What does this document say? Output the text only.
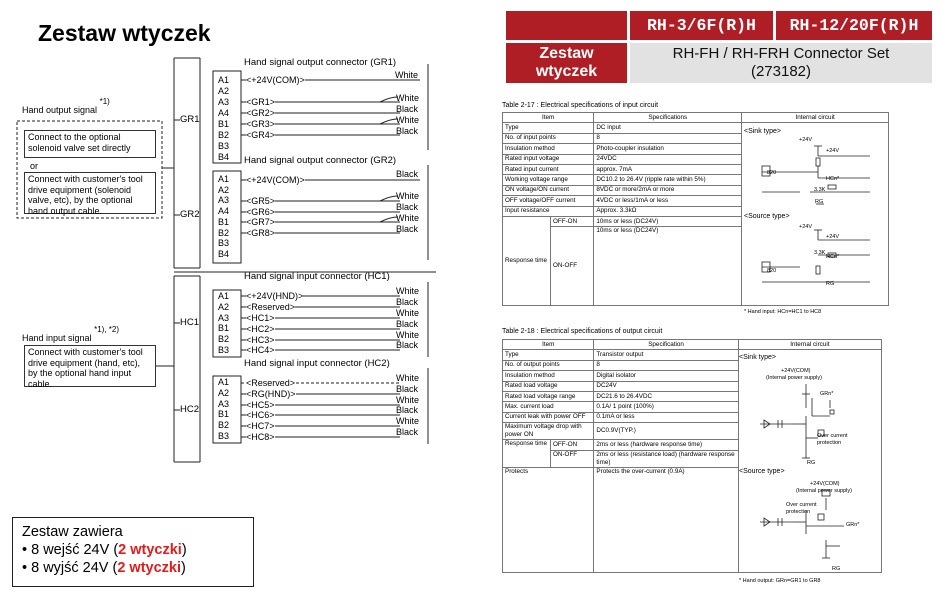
Zestaw wtyczek	RH-3/6F(R)H	RH-12/20F(R)H
Zestaw wtyczek
RH-FH / RH-FRH Connector Set
(273182)
Hand output signal $^{*1)}$
Connect to the optional solenoid valve set directly
or
Connect with customer's tool drive equipment (solenoid valve, etc), by the optional hand output cable.
Hand input signal $^{*1), *2)}$
Connect with customer's tool drive equipment (hand, etc), by the optional hand input cable.
GR1
GR2
HC1
HC2
Hand signal output connector (GR1)
Hand signal output connector (GR2)
Hand signal input connector (HC1)
Hand signal input connector (HC2)
A1
A2
A3
A4
B1
B2
B3
B4
A1
A2
A3
A4
B1
B2
B3
B4
A1
A2
A3
B1
B2
B3
A1
A2
A3
B1
B2
B3
<+24V(COM)>	White
<GR1>
<GR2>
<GR3>
<GR4>
White
Black
White
Black
<+24V(COM)>
Black
<GR5>
<GR6>
<GR7>
<GR8>
White
Black
White
Black
<+24V(HND)>
<Reserved>
<HC1>
<HC2>
<HC3>
<HC4>
White
Black
White
Black
White
Black
<Reserved>
<RG(HND)>
<HC5>
<HC6>
<HC7>
<HC8>
White
Black
White
Black
White
Black
Zestaw zawiera
• 8 wejść 24V (2 wtyczki)
• 8 wyjść 24V (2 wtyczki)
Table 2-17 : Electrical specifications of input circuit
Item		Specifications	Internal circuit
Type		DC input	
No. of input points		8	
Insulation method		Photo-coupler insulation	
Rated input voltage		24VDC	
Rated input current		approx. 7mA	
Working voltage range		DC10.2 to 26.4V (ripple rate within 5%)	
ON voltage/ON current		8VDC or more/2mA or more	
OFF voltage/OFF current		4VDC or less/1mA or less	
Input resistance		Approx. 3.3kΩ	
Response time	OFF-ON	10ms or less (DC24V)	
	ON-OFF	10ms or less (DC24V)	
<Sink type>
+24V
+24V
820
HCn*
3.3K
RG
<Source type>
+24V
+24V
3.3K
HCn*
820
RG
* Hand input: HCn=HC1 to HC8
Table 2-18 : Electrical specifications of output circuit
Item		Specification	Internal circuit
Type		Transistor output	
No. of output points		8	
Insulation method		Digital isolator	
Rated load voltage		DC24V	
Rated load voltage range		DC21.6 to 26.4VDC	
Max. current load		0.1A/ 1 point (100%)	
Current leak with power OFF		0.1mA or less	
Maximum voltage drop with power ON		DC0.9V(TYP.)	
Response time	OFF-ON	2ms or less (hardware response time)	
	ON-OFF	2ms or less (resistance load) (hardware response time)	
Protects		Protects the over-current (0.9A)	
<Sink type>
+24V(COM)
(Internal power supply)
GRn*
Over current protection
RG
<Source type>
+24V(COM)
(Internal power supply)
Over current protection
GRn*
RG
* Hand output: GRn=GR1 to GR8
